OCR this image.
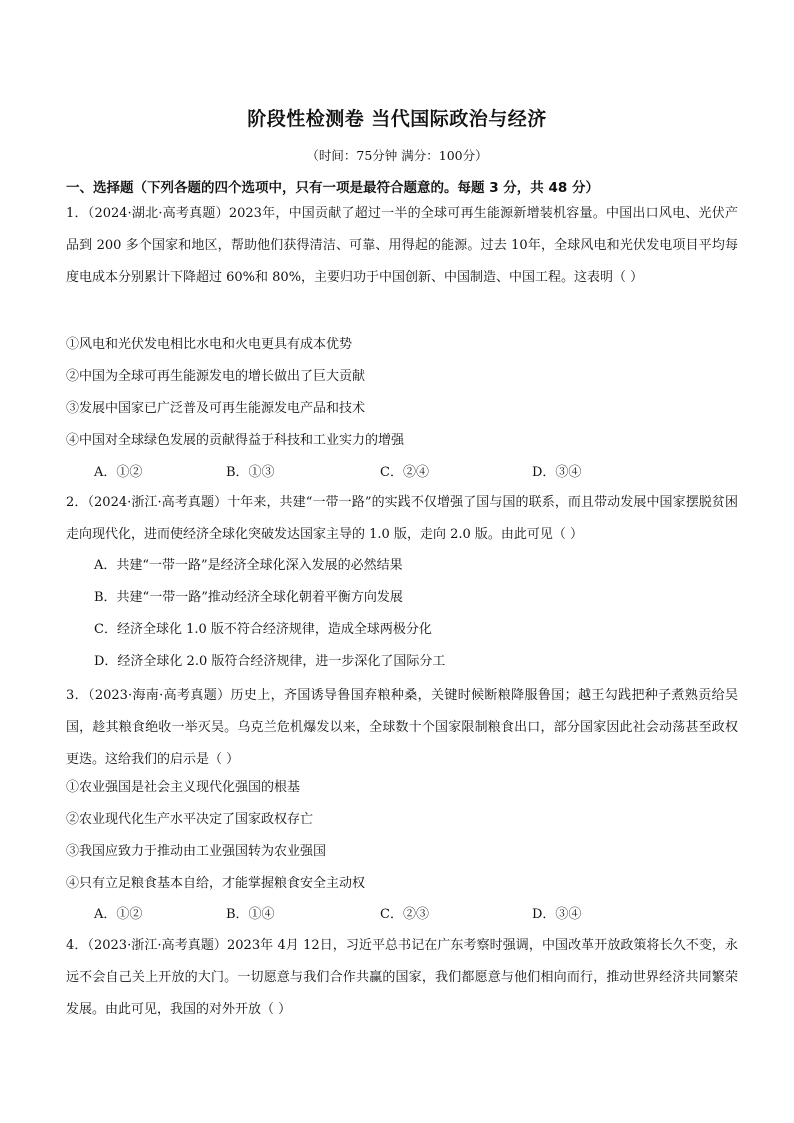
阶段性检测卷 当代国际政治与经济
（时间：75分钟 满分：100分）
一、选择题（下列各题的四个选项中，只有一项是最符合题意的。每题 3 分，共 48 分）
1．（2024·湖北·高考真题）2023年，中国贡献了超过一半的全球可再生能源新增装机容量。中国出口风电、光伏产品到 200 多个国家和地区，帮助他们获得清洁、可靠、用得起的能源。过去 10年，全球风电和光伏发电项目平均每度电成本分别累计下降超过 60%和 80%，主要归功于中国创新、中国制造、中国工程。这表明（ ）
①风电和光伏发电相比水电和火电更具有成本优势
②中国为全球可再生能源发电的增长做出了巨大贡献
③发展中国家已广泛普及可再生能源发电产品和技术
④中国对全球绿色发展的贡献得益于科技和工业实力的增强
A．①②	B．①③	C．②④	D．③④
2．（2024·浙江·高考真题）十年来，共建“一带一路”的实践不仅增强了国与国的联系，而且带动发展中国家摆脱贫困走向现代化，进而使经济全球化突破发达国家主导的 1.0 版，走向 2.0 版。由此可见（ ）
A．共建“一带一路”是经济全球化深入发展的必然结果
B．共建“一带一路”推动经济全球化朝着平衡方向发展
C．经济全球化 1.0 版不符合经济规律，造成全球两极分化
D．经济全球化 2.0 版符合经济规律，进一步深化了国际分工
3．（2023·海南·高考真题）历史上，齐国诱导鲁国弃粮种桑，关键时候断粮降服鲁国；越王勾践把种子煮熟贡给吴国，趁其粮食绝收一举灭吴。乌克兰危机爆发以来，全球数十个国家限制粮食出口，部分国家因此社会动荡甚至政权更迭。这给我们的启示是（ ）
①农业强国是社会主义现代化强国的根基
②农业现代化生产水平决定了国家政权存亡
③我国应致力于推动由工业强国转为农业强国
④只有立足粮食基本自给，才能掌握粮食安全主动权
A．①②	B．①④	C．②③	D．③④
4．（2023·浙江·高考真题）2023年 4月 12日，习近平总书记在广东考察时强调，中国改革开放政策将长久不变，永远不会自己关上开放的大门。一切愿意与我们合作共赢的国家，我们都愿意与他们相向而行，推动世界经济共同繁荣发展。由此可见，我国的对外开放（ ）
